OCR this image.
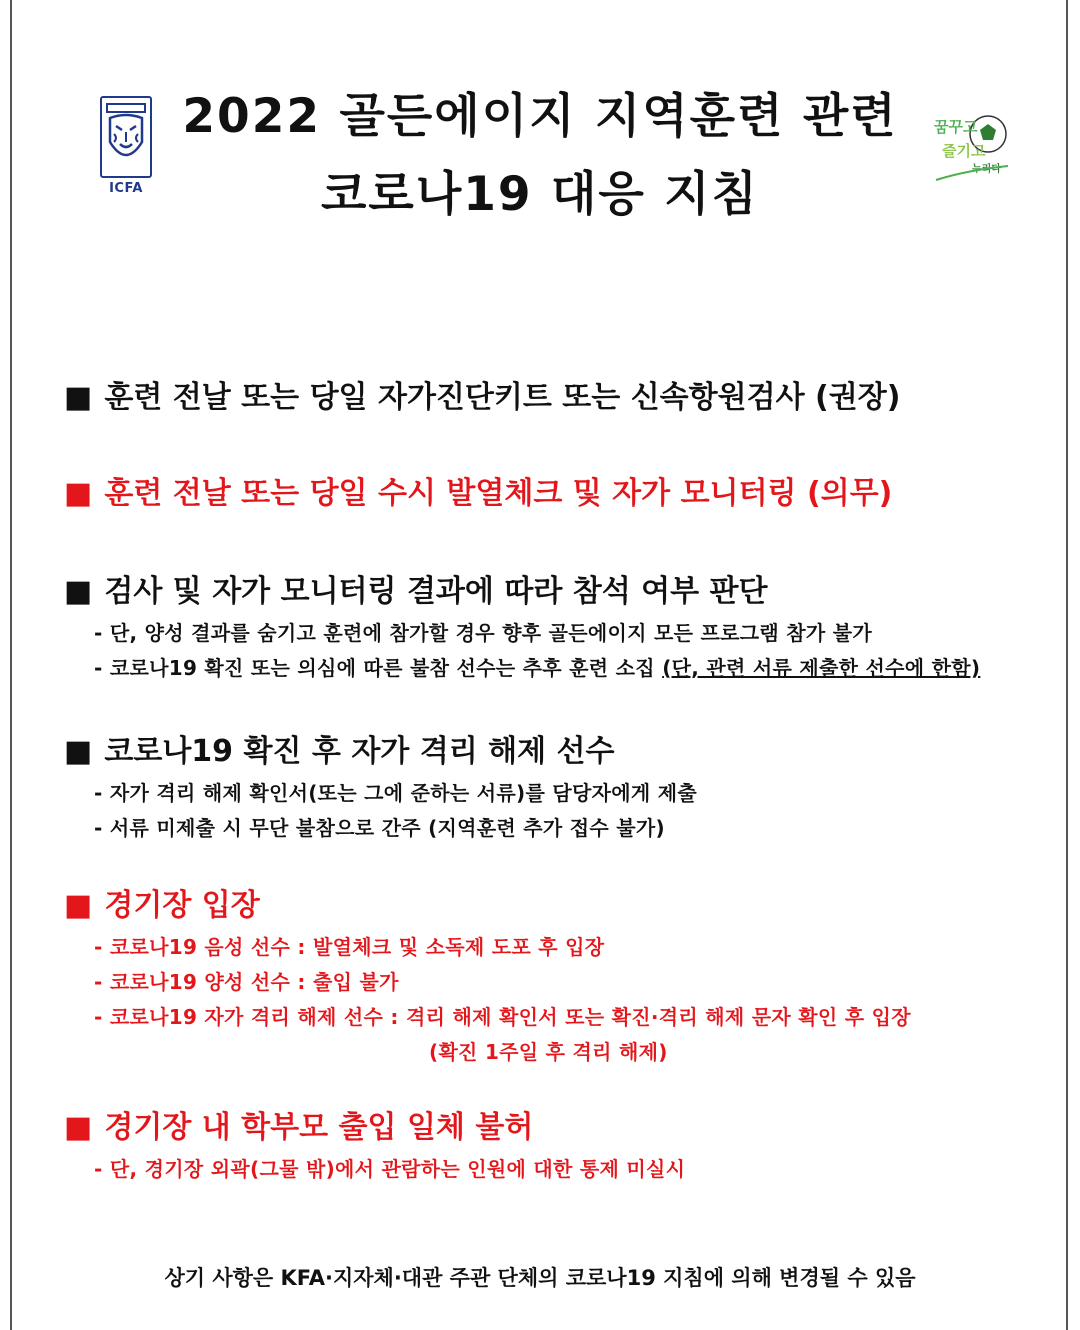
ICFA
꿈꾸고
즐기고
누리다
2022 골든에이지 지역훈련 관련
코로나19 대응 지침
■ 훈련 전날 또는 당일 자가진단키트 또는 신속항원검사 (권장)
■ 훈련 전날 또는 당일 수시 발열체크 및 자가 모니터링 (의무)
■ 검사 및 자가 모니터링 결과에 따라 참석 여부 판단
- 단, 양성 결과를 숨기고 훈련에 참가할 경우 향후 골든에이지 모든 프로그램 참가 불가
- 코로나19 확진 또는 의심에 따른 불참 선수는 추후 훈련 소집 (단, 관련 서류 제출한 선수에 한함)
■ 코로나19 확진 후 자가 격리 해제 선수
- 자가 격리 해제 확인서(또는 그에 준하는 서류)를 담당자에게 제출
- 서류 미제출 시 무단 불참으로 간주 (지역훈련 추가 접수 불가)
■ 경기장 입장
- 코로나19 음성 선수 : 발열체크 및 소독제 도포 후 입장
- 코로나19 양성 선수 : 출입 불가
- 코로나19 자가 격리 해제 선수 : 격리 해제 확인서 또는 확진·격리 해제 문자 확인 후 입장
(확진 1주일 후 격리 해제)
■ 경기장 내 학부모 출입 일체 불허
- 단, 경기장 외곽(그물 밖)에서 관람하는 인원에 대한 통제 미실시
상기 사항은 KFA·지자체·대관 주관 단체의 코로나19 지침에 의해 변경될 수 있음
